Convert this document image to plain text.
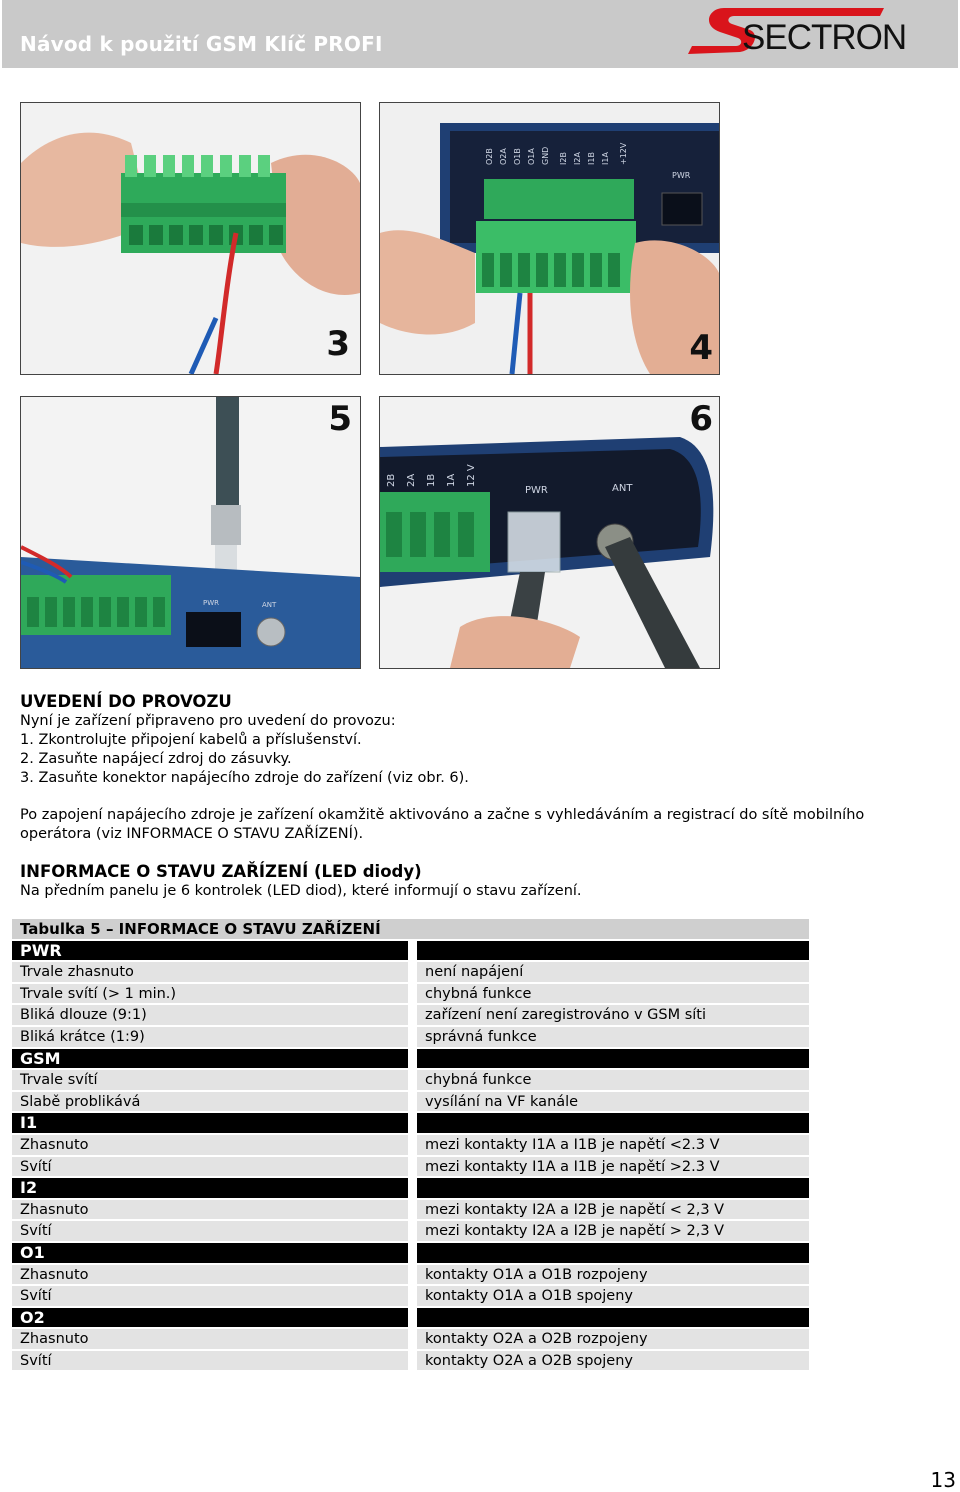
Návod k použití GSM Klíč PROFI	SECTRON
3
O2B O2A O1B O1A GND I2B I2A I1B I1A +12V
PWR
4
PWR	ANT
5
2B 2A 1B 1A 12 V
PWR	ANT
6
UVEDENÍ DO PROVOZU
Nyní je zařízení připraveno pro uvedení do provozu:
1. Zkontrolujte připojení kabelů a příslušenství.
2. Zasuňte napájecí zdroj do zásuvky.
3. Zasuňte konektor napájecího zdroje do zařízení (viz obr. 6).
Po zapojení napájecího zdroje je zařízení okamžitě aktivováno a začne s vyhledáváním a registrací do sítě mobilního
operátora (viz INFORMACE O STAVU ZAŘÍZENÍ).
INFORMACE O STAVU ZAŘÍZENÍ (LED diody)
Na předním panelu je 6 kontrolek (LED diod), které informují o stavu zařízení.
Tabulka 5 – INFORMACE O STAVU ZAŘÍZENÍ
PWR
Trvale zhasnuto	není napájení
Trvale svítí (> 1 min.)	chybná funkce
Bliká dlouze (9:1)	zařízení není zaregistrováno v GSM síti
Bliká krátce (1:9)	správná funkce
GSM
Trvale svítí	chybná funkce
Slabě problikává	vysílání na VF kanále
I1
Zhasnuto	mezi kontakty I1A a I1B je napětí <2.3 V
Svítí	mezi kontakty I1A a I1B je napětí >2.3 V
I2
Zhasnuto	mezi kontakty I2A a I2B je napětí < 2,3 V
Svítí	mezi kontakty I2A a I2B je napětí > 2,3 V
O1
Zhasnuto	kontakty O1A a O1B rozpojeny
Svítí	kontakty O1A a O1B spojeny
O2
Zhasnuto	kontakty O2A a O2B rozpojeny
Svítí	kontakty O2A a O2B spojeny
13
